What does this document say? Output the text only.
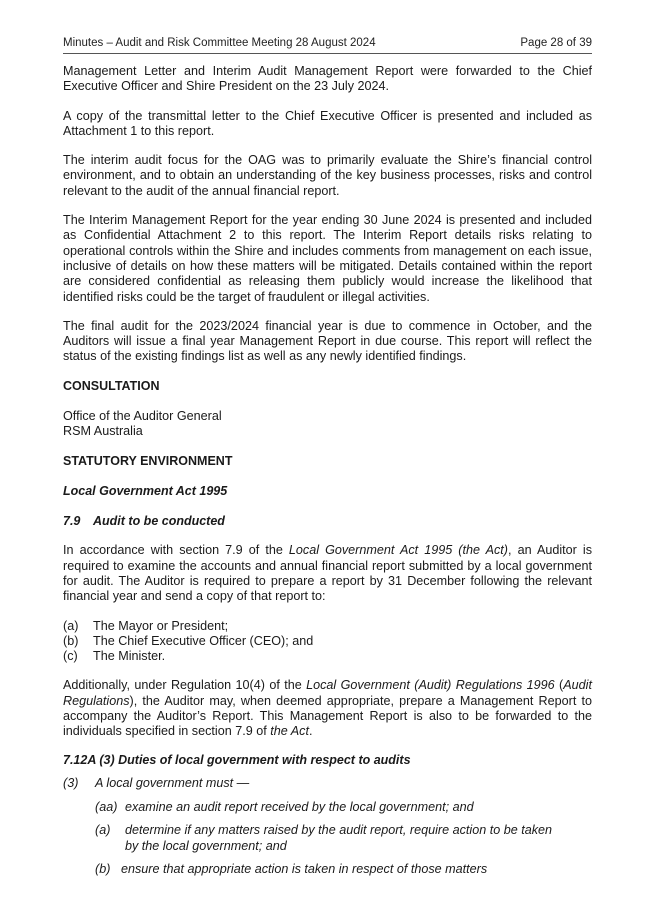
Minutes – Audit and Risk Committee Meeting 28 August 2024	Page 28 of 39

Management Letter and Interim Audit Management Report were forwarded to the Chief Executive Officer and Shire President on the 23 July 2024.

A copy of the transmittal letter to the Chief Executive Officer is presented and included as Attachment 1 to this report.

The interim audit focus for the OAG was to primarily evaluate the Shire’s financial control environment, and to obtain an understanding of the key business processes, risks and control relevant to the audit of the annual financial report.

The Interim Management Report for the year ending 30 June 2024 is presented and included as Confidential Attachment 2 to this report. The Interim Report details risks relating to operational controls within the Shire and includes comments from management on each issue, inclusive of details on how these matters will be mitigated. Details contained within the report are considered confidential as releasing them publicly would increase the likelihood that identified risks could be the target of fraudulent or illegal activities.

The final audit for the 2023/2024 financial year is due to commence in October, and the Auditors will issue a final year Management Report in due course. This report will reflect the status of the existing findings list as well as any newly identified findings.

CONSULTATION

Office of the Auditor General

RSM Australia

STATUTORY ENVIRONMENT

Local Government Act 1995

7.9	Audit to be conducted

In accordance with section 7.9 of the Local Government Act 1995 (the Act), an Auditor is required to examine the accounts and annual financial report submitted by a local government for audit. The Auditor is required to prepare a report by 31 December following the relevant financial year and send a copy of that report to:

(a)	The Mayor or President;
(b)	The Chief Executive Officer (CEO); and
(c)	The Minister.

Additionally, under Regulation 10(4) of the Local Government (Audit) Regulations 1996 (Audit Regulations), the Auditor may, when deemed appropriate, prepare a Management Report to accompany the Auditor’s Report. This Management Report is also to be forwarded to the individuals specified in section 7.9 of the Act.

7.12A (3) Duties of local government with respect to audits

(3)	A local government must —
(aa) examine an audit report received by the local government; and
(a)	determine if any matters raised by the audit report, require action to be taken by the local government; and
(b) ensure that appropriate action is taken in respect of those matters
